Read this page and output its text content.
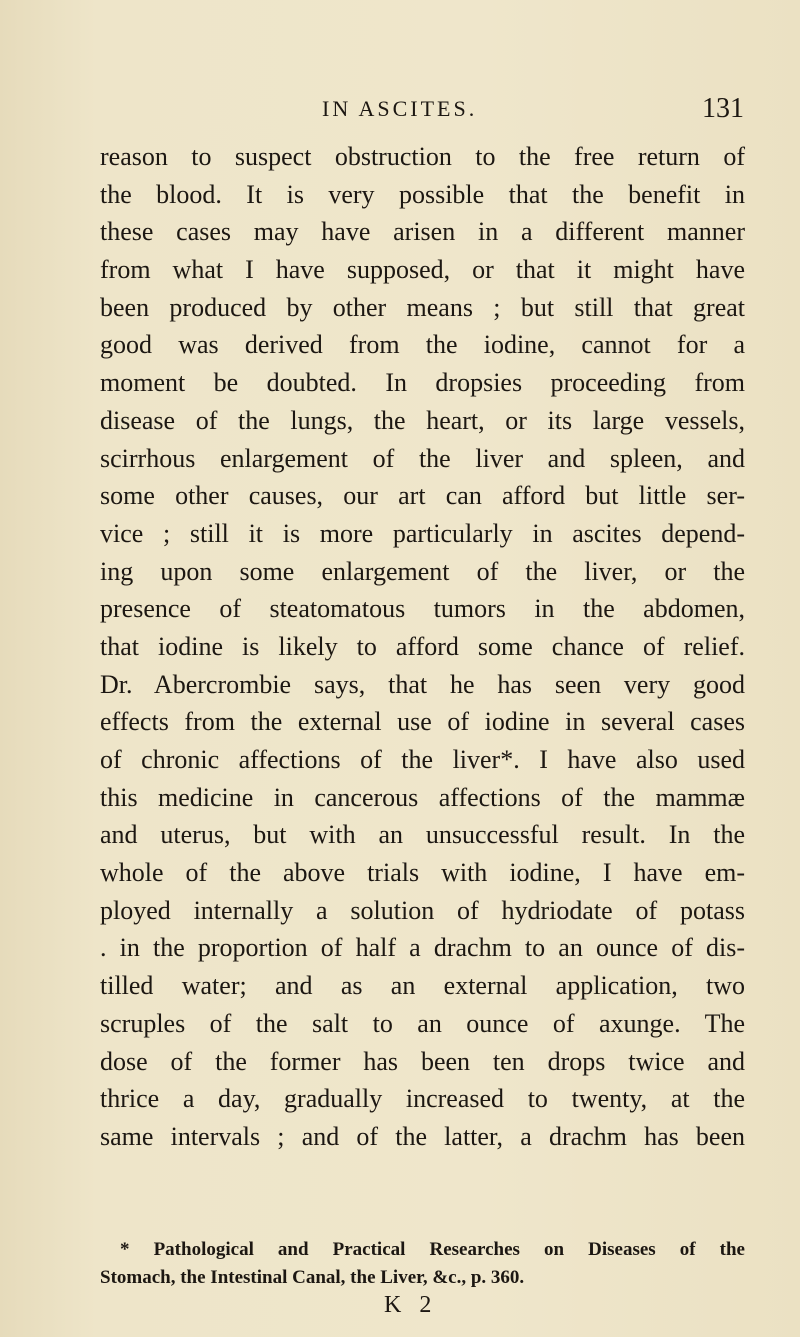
IN ASCITES.	131
reason to suspect obstruction to the free return of
the blood. It is very possible that the benefit in
these cases may have arisen in a different manner
from what I have supposed, or that it might have
been produced by other means ; but still that great
good was derived from the iodine, cannot for a
moment be doubted. In dropsies proceeding from
disease of the lungs, the heart, or its large vessels,
scirrhous enlargement of the liver and spleen, and
some other causes, our art can afford but little ser-
vice ; still it is more particularly in ascites depend-
ing upon some enlargement of the liver, or the
presence of steatomatous tumors in the abdomen,
that iodine is likely to afford some chance of relief.
Dr. Abercrombie says, that he has seen very good
effects from the external use of iodine in several cases
of chronic affections of the liver*. I have also used
this medicine in cancerous affections of the mammæ
and uterus, but with an unsuccessful result. In the
whole of the above trials with iodine, I have em-
ployed internally a solution of hydriodate of potass
. in the proportion of half a drachm to an ounce of dis-
tilled water; and as an external application, two
scruples of the salt to an ounce of axunge. The
dose of the former has been ten drops twice and
thrice a day, gradually increased to twenty, at the
same intervals ; and of the latter, a drachm has been
* Pathological and Practical Researches on Diseases of the
Stomach, the Intestinal Canal, the Liver, &c., p. 360.
K 2
